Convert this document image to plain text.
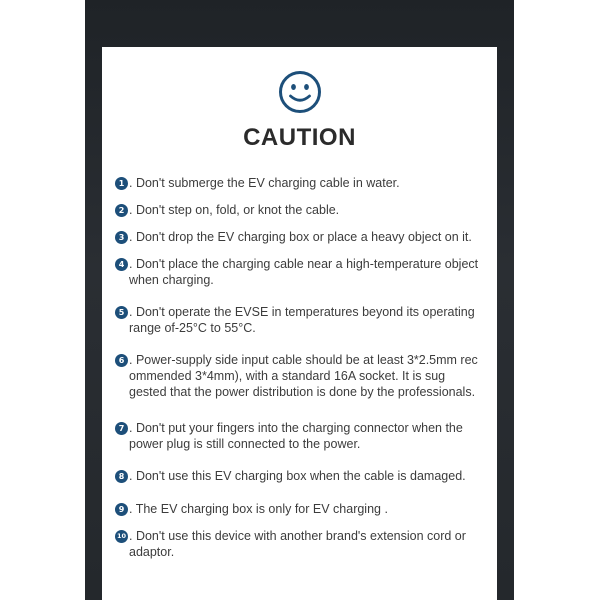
CAUTION
1 . Don't submerge the EV charging cable in water.
2 . Don't step on, fold, or knot the cable.
3 . Don't drop the EV charging box or place a heavy object on it.
4 . Don't place the charging cable near a high-temperature object
when charging.
5 . Don't operate the EVSE in temperatures beyond its operating
range of-25°C to 55°C.
6 . Power-supply side input cable should be at least 3*2.5mm rec
ommended 3*4mm), with a standard 16A socket. It is sug
gested that the power distribution is done by the professionals.
7 . Don't put your fingers into the charging connector when the
power plug is still connected to the power.
8 . Don't use this EV charging box when the cable is damaged.
9 . The EV charging box is only for EV charging .
10 . Don't use this device with another brand's extension cord or
adaptor.
